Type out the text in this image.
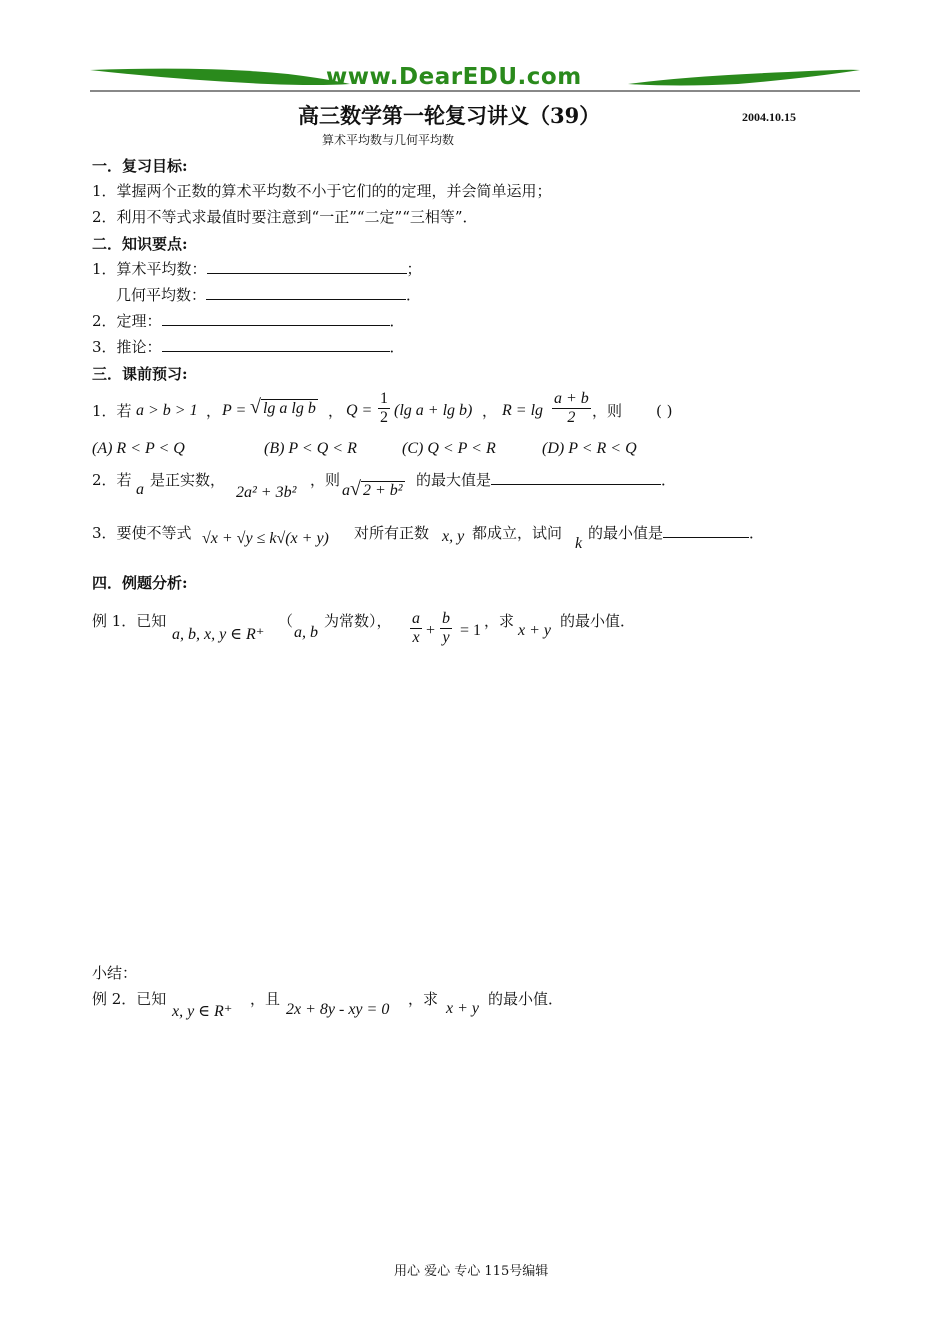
www.DearEDU.com
高三数学第一轮复习讲义（39）	2004.10.15
算术平均数与几何平均数
一．复习目标:
1．掌握两个正数的算术平均数不小于它们的的定理，并会简单运用；
2．利用不等式求最值时要注意到“一正”“二定”“三相等”．
二．知识要点:
1．算术平均数：	；
几何平均数：	．
2．定理：	．
3．推论：	．
三．课前预习:
1．若 a > b > 1 ， P = √ lg a lg b ， $Q = \frac{1}{2} (\lg$ a + lg b) ， $R = \lg \frac{a + b}{2}$ ，则 ( )
(A) R < P < Q	(B) P < Q < R	(C) Q < P < R	(D) P < R < Q
2．若
a
是正实数，
2a² + 3b²
，则
a√ 2 + b²
的最大值是	．
3．要使不等式 √x + √y ≤ k√(x + y) 对所有正数 x, y 都成立，试问
k
的最小值是	．
四．例题分析:
例 1．已知
a, b, x, y ∈ R⁺
（
a, b
为常数）， $\frac{a}{x} + \frac{b}{y} = 1$
，求
x + y
的最小值．
小结：
例 2．已知
x, y ∈ R⁺
，且
2x + 8y - xy = 0
，求
x + y
的最小值．
用心 爱心 专心 115号编辑
